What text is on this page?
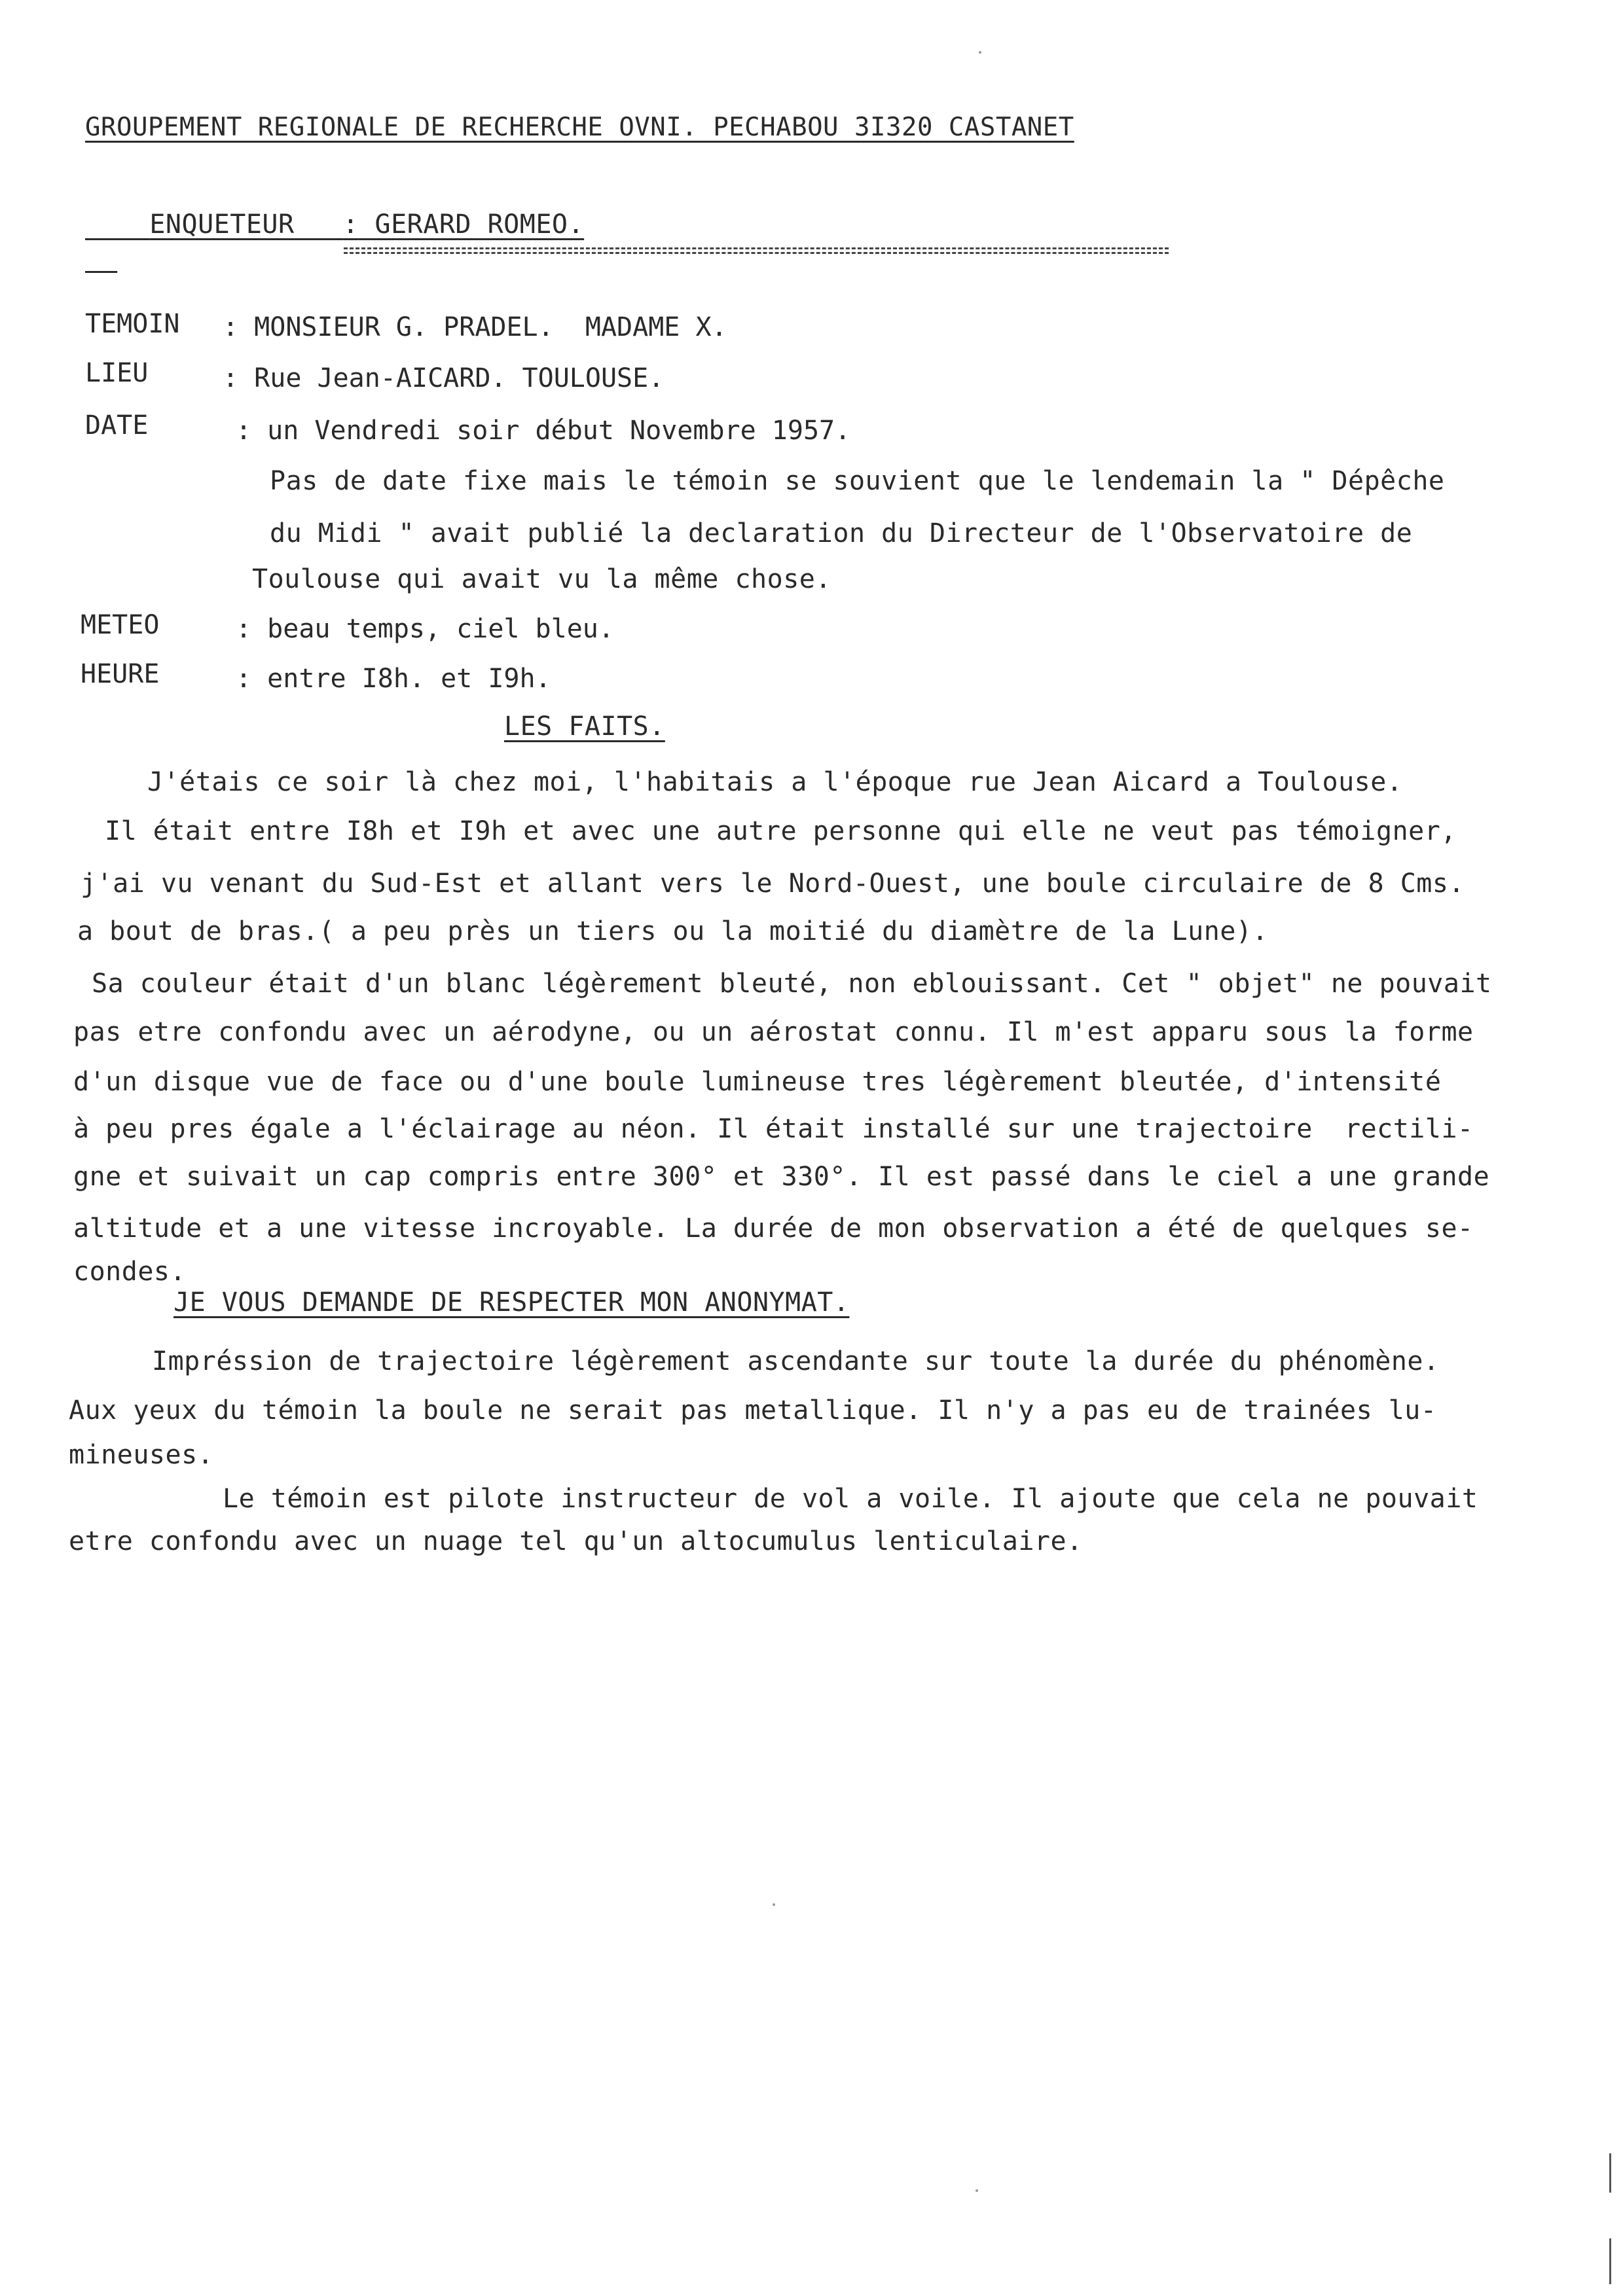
GROUPEMENT REGIONALE DE RECHERCHE OVNI. PECHABOU 3I320 CASTANET

ENQUETEUR : GERARD ROMEO.

TEMOIN : MONSIEUR G. PRADEL.  MADAME X.
LIEU	: Rue Jean-AICARD. TOULOUSE.
DATE	: un Vendredi soir début Novembre 1957.
Pas de date fixe mais le témoin se souvient que le lendemain la " Dépêche
du Midi " avait publié la declaration du Directeur de l'Observatoire de
Toulouse qui avait vu la même chose.
METEO	: beau temps, ciel bleu.
HEURE	: entre I8h. et I9h.
LES FAITS.
J'étais ce soir là chez moi, l'habitais a l'époque rue Jean Aicard a Toulouse.
Il était entre I8h et I9h et avec une autre personne qui elle ne veut pas témoigner,
j'ai vu venant du Sud-Est et allant vers le Nord-Ouest, une boule circulaire de 8 Cms.
a bout de bras.( a peu près un tiers ou la moitié du diamètre de la Lune).
Sa couleur était d'un blanc légèrement bleuté, non eblouissant. Cet " objet" ne pouvait
pas etre confondu avec un aérodyne, ou un aérostat connu. Il m'est apparu sous la forme
d'un disque vue de face ou d'une boule lumineuse tres légèrement bleutée, d'intensité
à peu pres égale a l'éclairage au néon. Il était installé sur une trajectoire  rectili-
gne et suivait un cap compris entre 300° et 330°. Il est passé dans le ciel a une grande
altitude et a une vitesse incroyable. La durée de mon observation a été de quelques se-
condes.
JE VOUS DEMANDE DE RESPECTER MON ANONYMAT.
Impréssion de trajectoire légèrement ascendante sur toute la durée du phénomène.
Aux yeux du témoin la boule ne serait pas metallique. Il n'y a pas eu de trainées lu-
mineuses.
Le témoin est pilote instructeur de vol a voile. Il ajoute que cela ne pouvait
etre confondu avec un nuage tel qu'un altocumulus lenticulaire.
